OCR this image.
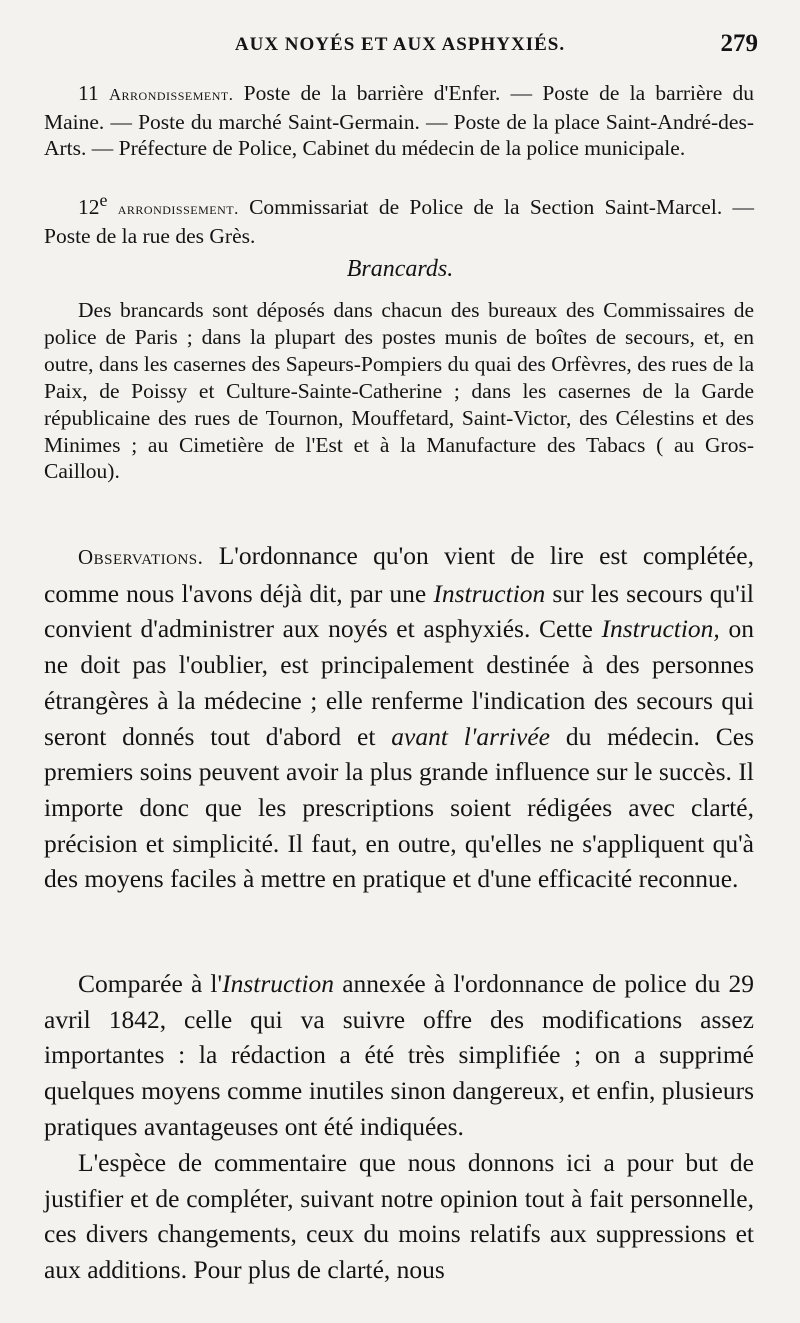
AUX NOYÉS ET AUX ASPHYXIÉS.	279

11 Arrondissement. Poste de la barrière d'Enfer. — Poste de la barrière du Maine. — Poste du marché Saint-Germain. — Poste de la place Saint-André-des-Arts. — Préfecture de Police, Cabinet du médecin de la police municipale.

12e arrondissement. Commissariat de Police de la Section Saint-Marcel. — Poste de la rue des Grès.

Brancards.

Des brancards sont déposés dans chacun des bureaux des Commissaires de police de Paris ; dans la plupart des postes munis de boîtes de secours, et, en outre, dans les casernes des Sapeurs-Pompiers du quai des Orfèvres, des rues de la Paix, de Poissy et Culture-Sainte-Catherine ; dans les casernes de la Garde républicaine des rues de Tournon, Mouffetard, Saint-Victor, des Célestins et des Minimes ; au Cimetière de l'Est et à la Manufacture des Tabacs ( au Gros-Caillou).

Observations. L'ordonnance qu'on vient de lire est complétée, comme nous l'avons déjà dit, par une Instruction sur les secours qu'il convient d'administrer aux noyés et asphyxiés. Cette Instruction, on ne doit pas l'oublier, est principalement destinée à des personnes étrangères à la médecine ; elle renferme l'indication des secours qui seront donnés tout d'abord et avant l'arrivée du médecin. Ces premiers soins peuvent avoir la plus grande influence sur le succès. Il importe donc que les prescriptions soient rédigées avec clarté, précision et simplicité. Il faut, en outre, qu'elles ne s'appliquent qu'à des moyens faciles à mettre en pratique et d'une efficacité reconnue.

Comparée à l'Instruction annexée à l'ordonnance de police du 29 avril 1842, celle qui va suivre offre des modifications assez importantes : la rédaction a été très simplifiée ; on a supprimé quelques moyens comme inutiles sinon dangereux, et enfin, plusieurs pratiques avantageuses ont été indiquées.

L'espèce de commentaire que nous donnons ici a pour but de justifier et de compléter, suivant notre opinion tout à fait personnelle, ces divers changements, ceux du moins relatifs aux suppressions et aux additions. Pour plus de clarté, nous
